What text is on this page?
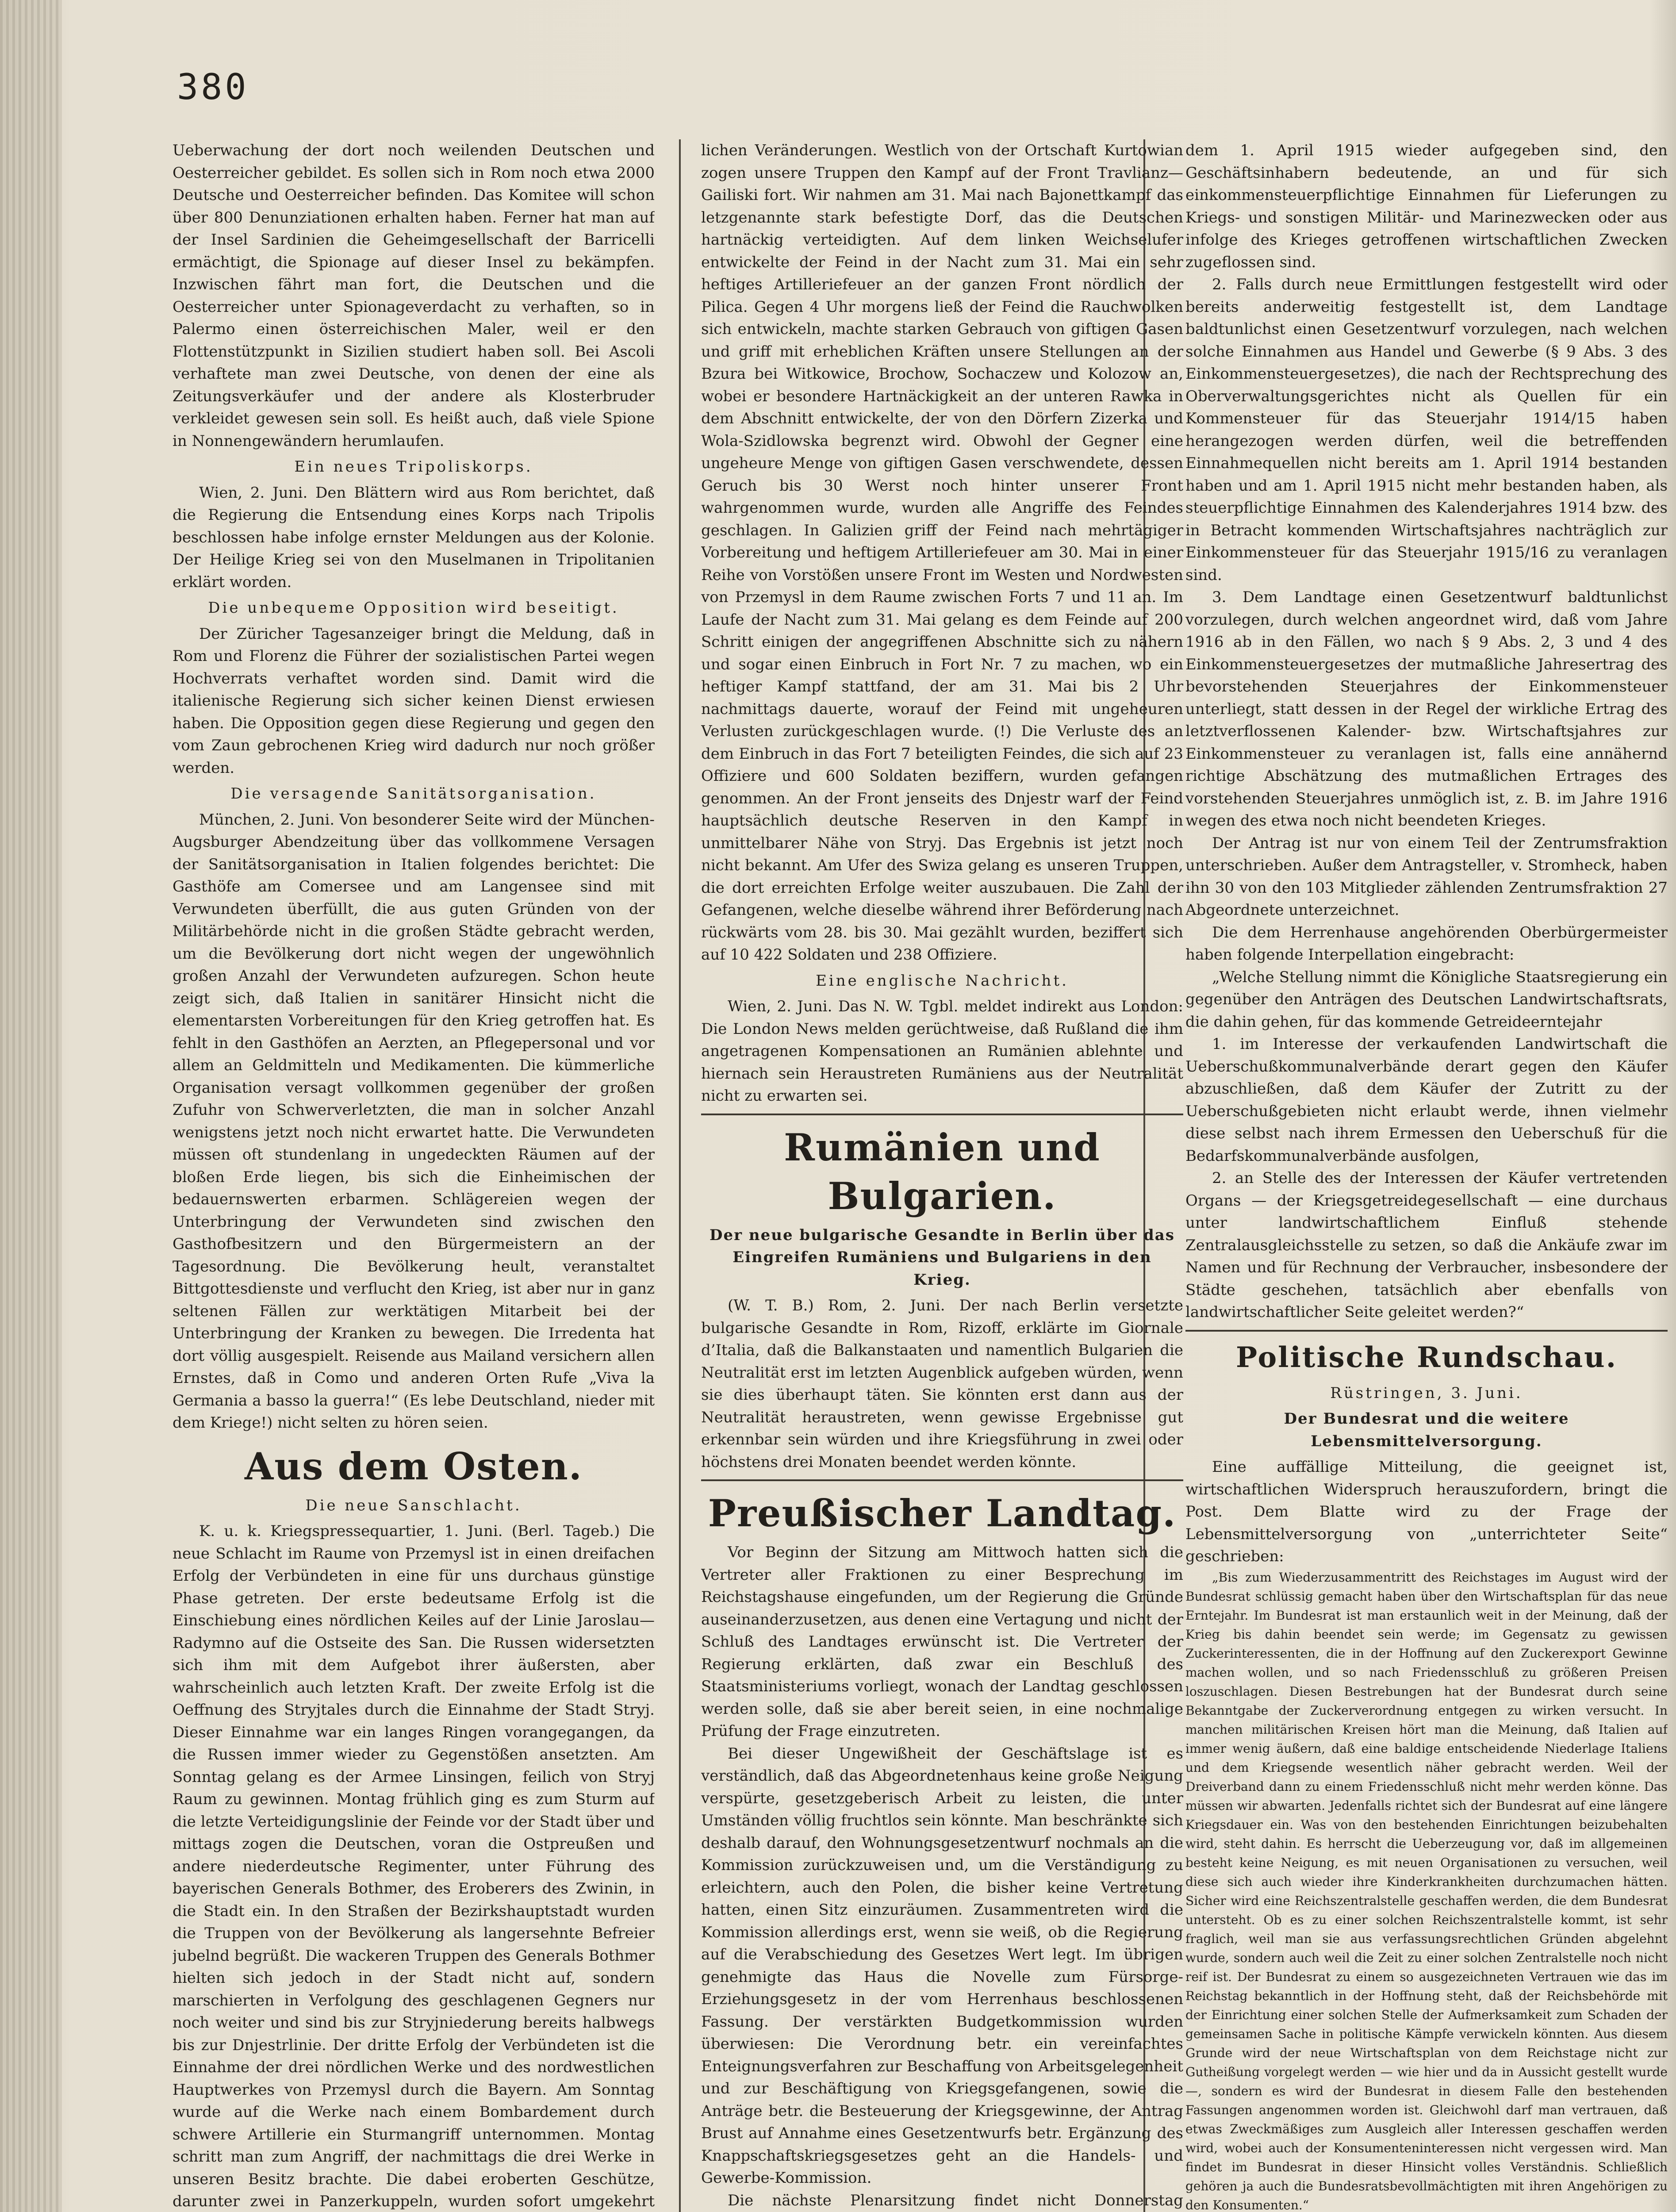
380

Ueberwachung der dort noch weilenden Deutschen und Oesterreicher gebildet. Es sollen sich in Rom noch etwa 2000 Deutsche und Oesterreicher befinden. Das Komitee will schon über 800 Denunziationen erhalten haben. Ferner hat man auf der Insel Sardinien die Geheimgesellschaft der Barricelli ermächtigt, die Spionage auf dieser Insel zu bekämpfen. Inzwischen fährt man fort, die Deutschen und die Oesterreicher unter Spionageverdacht zu verhaften, so in Palermo einen österreichischen Maler, weil er den Flottenstützpunkt in Sizilien studiert haben soll. Bei Ascoli verhaftete man zwei Deutsche, von denen der eine als Zeitungsverkäufer und der andere als Klosterbruder verkleidet gewesen sein soll. Es heißt auch, daß viele Spione in Nonnengewändern herumlaufen.

Ein neues Tripoliskorps.

Wien, 2. Juni. Den Blättern wird aus Rom berichtet, daß die Regierung die Entsendung eines Korps nach Tripolis beschlossen habe infolge ernster Meldungen aus der Kolonie. Der Heilige Krieg sei von den Muselmanen in Tripolitanien erklärt worden.

Die unbequeme Opposition wird beseitigt.

Der Züricher Tagesanzeiger bringt die Meldung, daß in Rom und Florenz die Führer der sozialistischen Partei wegen Hochverrats verhaftet worden sind. Damit wird die italienische Regierung sich sicher keinen Dienst erwiesen haben. Die Opposition gegen diese Regierung und gegen den vom Zaun gebrochenen Krieg wird dadurch nur noch größer werden.

Die versagende Sanitätsorganisation.

München, 2. Juni. Von besonderer Seite wird der München-Augsburger Abendzeitung über das vollkommene Versagen der Sanitätsorganisation in Italien folgendes berichtet: Die Gasthöfe am Comersee und am Langensee sind mit Verwundeten überfüllt, die aus guten Gründen von der Militärbehörde nicht in die großen Städte gebracht werden, um die Bevölkerung dort nicht wegen der ungewöhnlich großen Anzahl der Verwundeten aufzuregen. Schon heute zeigt sich, daß Italien in sanitärer Hinsicht nicht die elementarsten Vorbereitungen für den Krieg getroffen hat. Es fehlt in den Gasthöfen an Aerzten, an Pflegepersonal und vor allem an Geldmitteln und Medikamenten. Die kümmerliche Organisation versagt vollkommen gegenüber der großen Zufuhr von Schwerverletzten, die man in solcher Anzahl wenigstens jetzt noch nicht erwartet hatte. Die Verwundeten müssen oft stundenlang in ungedeckten Räumen auf der bloßen Erde liegen, bis sich die Einheimischen der bedauernswerten erbarmen. Schlägereien wegen der Unterbringung der Verwundeten sind zwischen den Gasthofbesitzern und den Bürgermeistern an der Tagesordnung. Die Bevölkerung heult, veranstaltet Bittgottesdienste und verflucht den Krieg, ist aber nur in ganz seltenen Fällen zur werktätigen Mitarbeit bei der Unterbringung der Kranken zu bewegen. Die Irredenta hat dort völlig ausgespielt. Reisende aus Mailand versichern allen Ernstes, daß in Como und anderen Orten Rufe „Viva la Germania a basso la guerra!“ (Es lebe Deutschland, nieder mit dem Kriege!) nicht selten zu hören seien.

Aus dem Osten.
Die neue Sanschlacht.

K. u. k. Kriegspressequartier, 1. Juni. (Berl. Tageb.) Die neue Schlacht im Raume von Przemysl ist in einen dreifachen Erfolg der Verbündeten in eine für uns durchaus günstige Phase getreten. Der erste bedeutsame Erfolg ist die Einschiebung eines nördlichen Keiles auf der Linie Jaroslau—Radymno auf die Ostseite des San. Die Russen widersetzten sich ihm mit dem Aufgebot ihrer äußersten, aber wahrscheinlich auch letzten Kraft. Der zweite Erfolg ist die Oeffnung des Stryjtales durch die Einnahme der Stadt Stryj. Dieser Einnahme war ein langes Ringen vorangegangen, da die Russen immer wieder zu Gegenstößen ansetzten. Am Sonntag gelang es der Armee Linsingen, feilich von Stryj Raum zu gewinnen. Montag frühlich ging es zum Sturm auf die letzte Verteidigungslinie der Feinde vor der Stadt über und mittags zogen die Deutschen, voran die Ostpreußen und andere niederdeutsche Regimenter, unter Führung des bayerischen Generals Bothmer, des Eroberers des Zwinin, in die Stadt ein. In den Straßen der Bezirkshauptstadt wurden die Truppen von der Bevölkerung als langersehnte Befreier jubelnd begrüßt. Die wackeren Truppen des Generals Bothmer hielten sich jedoch in der Stadt nicht auf, sondern marschierten in Verfolgung des geschlagenen Gegners nur noch weiter und sind bis zur Stryjniederung bereits halbwegs bis zur Dnjestrlinie. Der dritte Erfolg der Verbündeten ist die Einnahme der drei nördlichen Werke und des nordwestlichen Hauptwerkes von Przemysl durch die Bayern. Am Sonntag wurde auf die Werke nach einem Bombardement durch schwere Artillerie ein Sturmangriff unternommen. Montag schritt man zum Angriff, der nachmittags die drei Werke in unseren Besitz brachte. Die dabei eroberten Geschütze, darunter zwei in Panzerkuppeln, wurden sofort umgekehrt

lichen Veränderungen. Westlich von der Ortschaft Kurtowian zogen unsere Truppen den Kampf auf der Front Travlianz—Gailiski fort. Wir nahmen am 31. Mai nach Bajonettkampf das letzgenannte stark befestigte Dorf, das die Deutschen hartnäckig verteidigten. Auf dem linken Weichselufer entwickelte der Feind in der Nacht zum 31. Mai ein sehr heftiges Artilleriefeuer an der ganzen Front nördlich der Pilica. Gegen 4 Uhr morgens ließ der Feind die Rauchwolken sich entwickeln, machte starken Gebrauch von giftigen Gasen und griff mit erheblichen Kräften unsere Stellungen an der Bzura bei Witkowice, Brochow, Sochaczew und Kolozow an, wobei er besondere Hartnäckigkeit an der unteren Rawka in dem Abschnitt entwickelte, der von den Dörfern Zizerka und Wola-Szidlowska begrenzt wird. Obwohl der Gegner eine ungeheure Menge von giftigen Gasen verschwendete, dessen Geruch bis 30 Werst noch hinter unserer Front wahrgenommen wurde, wurden alle Angriffe des Feindes geschlagen. In Galizien griff der Feind nach mehrtägiger Vorbereitung und heftigem Artilleriefeuer am 30. Mai in einer Reihe von Vorstößen unsere Front im Westen und Nordwesten von Przemysl in dem Raume zwischen Forts 7 und 11 an. Im Laufe der Nacht zum 31. Mai gelang es dem Feinde auf 200 Schritt einigen der angegriffenen Abschnitte sich zu nähern und sogar einen Einbruch in Fort Nr. 7 zu machen, wo ein heftiger Kampf stattfand, der am 31. Mai bis 2 Uhr nachmittags dauerte, worauf der Feind mit ungeheuren Verlusten zurückgeschlagen wurde. (!) Die Verluste des an dem Einbruch in das Fort 7 beteiligten Feindes, die sich auf 23 Offiziere und 600 Soldaten beziffern, wurden gefangen genommen. An der Front jenseits des Dnjestr warf der Feind hauptsächlich deutsche Reserven in den Kampf in unmittelbarer Nähe von Stryj. Das Ergebnis ist jetzt noch nicht bekannt. Am Ufer des Swiza gelang es unseren Truppen, die dort erreichten Erfolge weiter auszubauen. Die Zahl der Gefangenen, welche dieselbe während ihrer Beförderung nach rückwärts vom 28. bis 30. Mai gezählt wurden, beziffert sich auf 10 422 Soldaten und 238 Offiziere.

Eine englische Nachricht.

Wien, 2. Juni. Das N. W. Tgbl. meldet indirekt aus London: Die London News melden gerüchtweise, daß Rußland die ihm angetragenen Kompensationen an Rumänien ablehnte und hiernach sein Heraustreten Rumäniens aus der Neutralität nicht zu erwarten sei.

Rumänien und Bulgarien.
Der neue bulgarische Gesandte in Berlin über das Eingreifen Rumäniens und Bulgariens in den Krieg.

(W. T. B.) Rom, 2. Juni. Der nach Berlin versetzte bulgarische Gesandte in Rom, Rizoff, erklärte im Giornale d’Italia, daß die Balkanstaaten und namentlich Bulgarien die Neutralität erst im letzten Augenblick aufgeben würden, wenn sie dies überhaupt täten. Sie könnten erst dann aus der Neutralität heraustreten, wenn gewisse Ergebnisse gut erkennbar sein würden und ihre Kriegsführung in zwei oder höchstens drei Monaten beendet werden könnte.

Preußischer Landtag.

Vor Beginn der Sitzung am Mittwoch hatten sich die Vertreter aller Fraktionen zu einer Besprechung im Reichstagshause eingefunden, um der Regierung die Gründe auseinanderzusetzen, aus denen eine Vertagung und nicht der Schluß des Landtages erwünscht ist. Die Vertreter der Regierung erklärten, daß zwar ein Beschluß des Staatsministeriums vorliegt, wonach der Landtag geschlossen werden solle, daß sie aber bereit seien, in eine nochmalige Prüfung der Frage einzutreten.

Bei dieser Ungewißheit der Geschäftslage ist es verständlich, daß das Abgeordnetenhaus keine große Neigung verspürte, gesetzgeberisch Arbeit zu leisten, die unter Umständen völlig fruchtlos sein könnte. Man beschränkte sich deshalb darauf, den Wohnungsgesetzentwurf nochmals an die Kommission zurückzuweisen und, um die Verständigung zu erleichtern, auch den Polen, die bisher keine Vertretung hatten, einen Sitz einzuräumen. Zusammentreten wird die Kommission allerdings erst, wenn sie weiß, ob die Regierung auf die Verabschiedung des Gesetzes Wert legt. Im übrigen genehmigte das Haus die Novelle zum Fürsorge-Erziehungsgesetz in der vom Herrenhaus beschlossenen Fassung. Der verstärkten Budgetkommission wurden überwiesen: Die Verordnung betr. ein vereinfachtes Enteignungsverfahren zur Beschaffung von Arbeitsgelegenheit und zur Beschäftigung von Kriegsgefangenen, sowie die Anträge betr. die Besteuerung der Kriegsgewinne, der Antrag Brust auf Annahme eines Gesetzentwurfs betr. Ergänzung des Knappschaftskriegsgesetzes geht an die Handels- und Gewerbe-Kommission.

Die nächste Plenarsitzung findet nicht Donnerstag

dem 1. April 1915 wieder aufgegeben sind, den Geschäftsinhabern bedeutende, an und für sich einkommensteuerpflichtige Einnahmen für Lieferungen zu Kriegs- und sonstigen Militär- und Marinezwecken oder aus infolge des Krieges getroffenen wirtschaftlichen Zwecken zugeflossen sind.

2. Falls durch neue Ermittlungen festgestellt wird oder bereits anderweitig festgestellt ist, dem Landtage baldtunlichst einen Gesetzentwurf vorzulegen, nach welchen solche Einnahmen aus Handel und Gewerbe (§ 9 Abs. 3 des Einkommensteuergesetzes), die nach der Rechtsprechung des Oberverwaltungsgerichtes nicht als Quellen für ein Kommensteuer für das Steuerjahr 1914/15 haben herangezogen werden dürfen, weil die betreffenden Einnahmequellen nicht bereits am 1. April 1914 bestanden haben und am 1. April 1915 nicht mehr bestanden haben, als steuerpflichtige Einnahmen des Kalenderjahres 1914 bzw. des in Betracht kommenden Wirtschaftsjahres nachträglich zur Einkommensteuer für das Steuerjahr 1915/16 zu veranlagen sind.

3. Dem Landtage einen Gesetzentwurf baldtunlichst vorzulegen, durch welchen angeordnet wird, daß vom Jahre 1916 ab in den Fällen, wo nach § 9 Abs. 2, 3 und 4 des Einkommensteuergesetzes der mutmaßliche Jahresertrag des bevorstehenden Steuerjahres der Einkommensteuer unterliegt, statt dessen in der Regel der wirkliche Ertrag des letztverflossenen Kalender- bzw. Wirtschaftsjahres zur Einkommensteuer zu veranlagen ist, falls eine annähernd richtige Abschätzung des mutmaßlichen Ertrages des vorstehenden Steuerjahres unmöglich ist, z. B. im Jahre 1916 wegen des etwa noch nicht beendeten Krieges.

Der Antrag ist nur von einem Teil der Zentrumsfraktion unterschrieben. Außer dem Antragsteller, v. Stromheck, haben ihn 30 von den 103 Mitglieder zählenden Zentrumsfraktion 27 Abgeordnete unterzeichnet.

Die dem Herrenhause angehörenden Oberbürgermeister haben folgende Interpellation eingebracht:

„Welche Stellung nimmt die Königliche Staatsregierung ein gegenüber den Anträgen des Deutschen Landwirtschaftsrats, die dahin gehen, für das kommende Getreideerntejahr

1. im Interesse der verkaufenden Landwirtschaft die Ueberschußkommunalverbände derart gegen den Käufer abzuschließen, daß dem Käufer der Zutritt zu der Ueberschußgebieten nicht erlaubt werde, ihnen vielmehr diese selbst nach ihrem Ermessen den Ueberschuß für die Bedarfskommunalverbände ausfolgen,

2. an Stelle des der Interessen der Käufer vertretenden Organs — der Kriegsgetreidegesellschaft — eine durchaus unter landwirtschaftlichem Einfluß stehende Zentralausgleichsstelle zu setzen, so daß die Ankäufe zwar im Namen und für Rechnung der Verbraucher, insbesondere der Städte geschehen, tatsächlich aber ebenfalls von landwirtschaftlicher Seite geleitet werden?“

Politische Rundschau.
Rüstringen, 3. Juni.
Der Bundesrat und die weitere Lebensmittelversorgung.

Eine auffällige Mitteilung, die geeignet ist, wirtschaftlichen Widerspruch herauszufordern, bringt die Post. Dem Blatte wird zu der Frage der Lebensmittelversorgung von „unterrichteter Seite“ geschrieben:

„Bis zum Wiederzusammentritt des Reichstages im August wird der Bundesrat schlüssig gemacht haben über den Wirtschaftsplan für das neue Erntejahr. Im Bundesrat ist man erstaunlich weit in der Meinung, daß der Krieg bis dahin beendet sein werde; im Gegensatz zu gewissen Zuckerinteressenten, die in der Hoffnung auf den Zuckerexport Gewinne machen wollen, und so nach Friedensschluß zu größeren Preisen loszuschlagen. Diesen Bestrebungen hat der Bundesrat durch seine Bekanntgabe der Zuckerverordnung entgegen zu wirken versucht. In manchen militärischen Kreisen hört man die Meinung, daß Italien auf immer wenig äußern, daß eine baldige entscheidende Niederlage Italiens und dem Kriegsende wesentlich näher gebracht werden. Weil der Dreiverband dann zu einem Friedensschluß nicht mehr werden könne. Das müssen wir abwarten. Jedenfalls richtet sich der Bundesrat auf eine längere Kriegsdauer ein. Was von den bestehenden Einrichtungen beizubehalten wird, steht dahin. Es herrscht die Ueberzeugung vor, daß im allgemeinen besteht keine Neigung, es mit neuen Organisationen zu versuchen, weil diese sich auch wieder ihre Kinderkrankheiten durchzumachen hätten. Sicher wird eine Reichszentralstelle geschaffen werden, die dem Bundesrat untersteht. Ob es zu einer solchen Reichszentralstelle kommt, ist sehr fraglich, weil man sie aus verfassungsrechtlichen Gründen abgelehnt wurde, sondern auch weil die Zeit zu einer solchen Zentralstelle noch nicht reif ist. Der Bundesrat zu einem so ausgezeichneten Vertrauen wie das im Reichstag bekanntlich in der Hoffnung steht, daß der Reichsbehörde mit der Einrichtung einer solchen Stelle der Aufmerksamkeit zum Schaden der gemeinsamen Sache in politische Kämpfe verwickeln könnten. Aus diesem Grunde wird der neue Wirtschaftsplan von dem Reichstage nicht zur Gutheißung vorgelegt werden — wie hier und da in Aussicht gestellt wurde —, sondern es wird der Bundesrat in diesem Falle den bestehenden Fassungen angenommen worden ist. Gleichwohl darf man vertrauen, daß etwas Zweckmäßiges zum Ausgleich aller Interessen geschaffen werden wird, wobei auch der Konsumenteninteressen nicht vergessen wird. Man findet im Bundesrat in dieser Hinsicht volles Verständnis. Schließlich gehören ja auch die Bundesratsbevollmächtigten mit ihren Angehörigen zu den Konsumenten.“
